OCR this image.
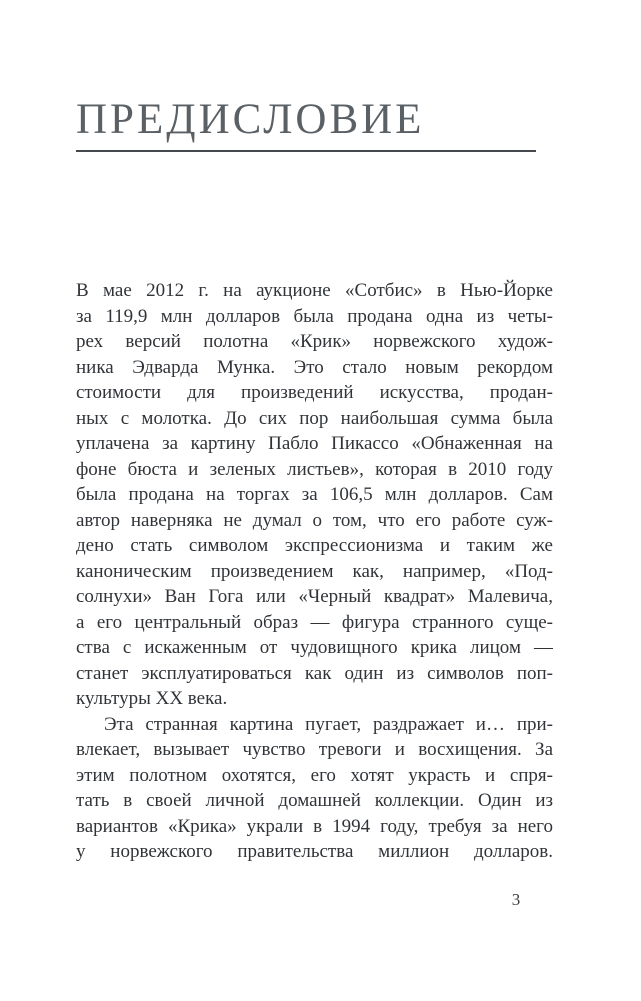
ПРЕДИСЛОВИЕ
В мае 2012 г. на аукционе «Сотбис» в Нью-Йорке
за 119,9 млн долларов была продана одна из четы-
рех версий полотна «Крик» норвежского худож-
ника Эдварда Мунка. Это стало новым рекордом
стоимости для произведений искусства, продан-
ных с молотка. До сих пор наибольшая сумма была
уплачена за картину Пабло Пикассо «Обнаженная на
фоне бюста и зеленых листьев», которая в 2010 году
была продана на торгах за 106,5 млн долларов. Сам
автор наверняка не думал о том, что его работе суж-
дено стать символом экспрессионизма и таким же
каноническим произведением как, например, «Под-
солнухи» Ван Гога или «Черный квадрат» Малевича,
а его центральный образ — фигура странного суще-
ства с искаженным от чудовищного крика лицом —
станет эксплуатироваться как один из символов поп-
культуры XX века.
Эта странная картина пугает, раздражает и… при-
влекает, вызывает чувство тревоги и восхищения. За
этим полотном охотятся, его хотят украсть и спря-
тать в своей личной домашней коллекции. Один из
вариантов «Крика» украли в 1994 году, требуя за него
у норвежского правительства миллион долларов.
3
